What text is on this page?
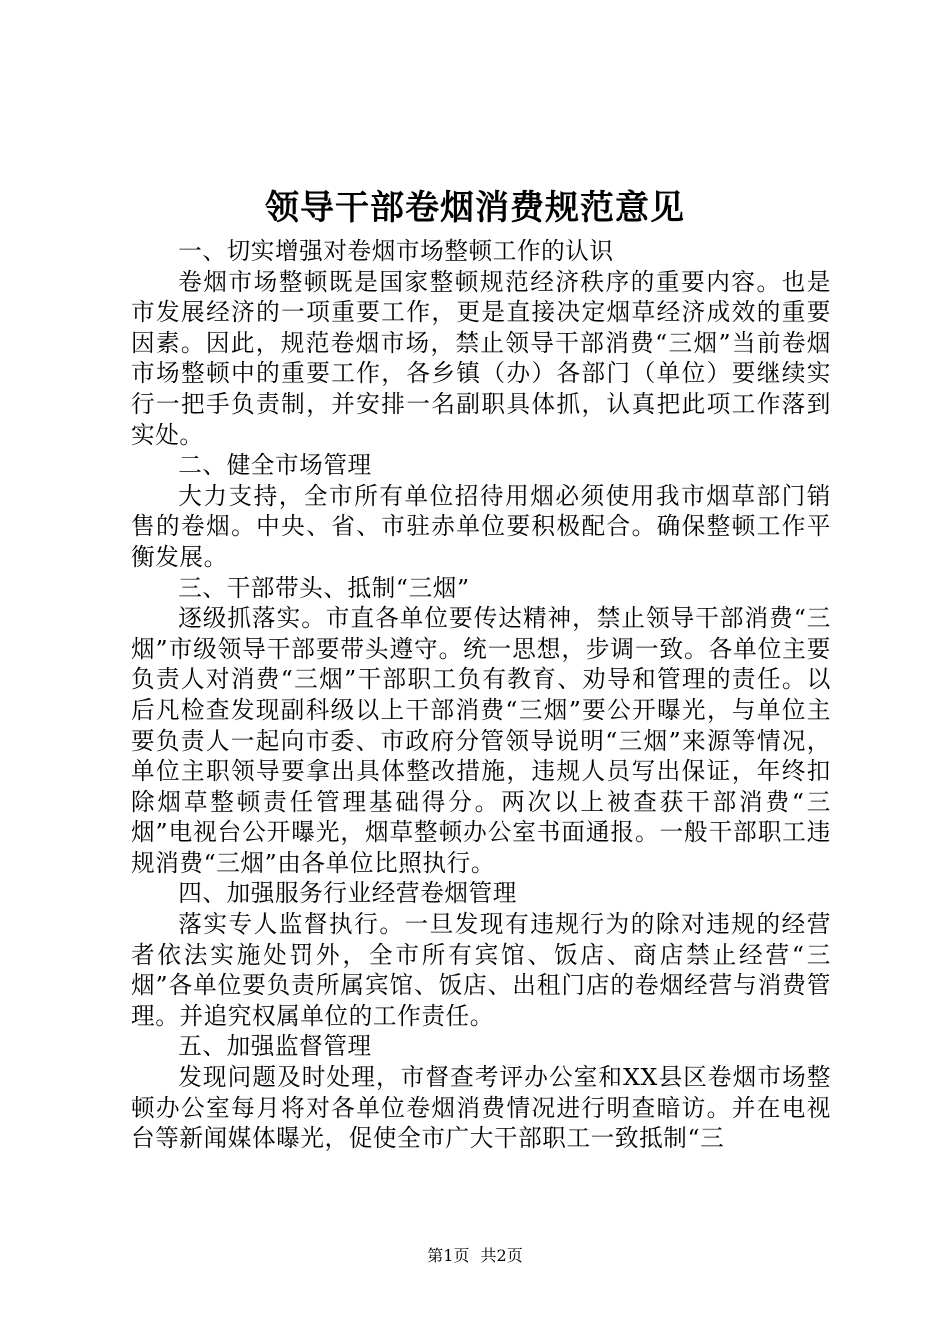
领导干部卷烟消费规范意见

一、切实增强对卷烟市场整顿工作的认识

卷烟市场整顿既是国家整顿规范经济秩序的重要内容。也是市发展经济的一项重要工作，更是直接决定烟草经济成效的重要因素。因此，规范卷烟市场，禁止领导干部消费“三烟”当前卷烟市场整顿中的重要工作，各乡镇（办）各部门（单位）要继续实行一把手负责制，并安排一名副职具体抓，认真把此项工作落到实处。

二、健全市场管理

大力支持，全市所有单位招待用烟必须使用我市烟草部门销售的卷烟。中央、省、市驻赤单位要积极配合。确保整顿工作平衡发展。

三、干部带头、抵制“三烟”

逐级抓落实。市直各单位要传达精神，禁止领导干部消费“三烟”市级领导干部要带头遵守。统一思想，步调一致。各单位主要负责人对消费“三烟”干部职工负有教育、劝导和管理的责任。以后凡检查发现副科级以上干部消费“三烟”要公开曝光，与单位主要负责人一起向市委、市政府分管领导说明“三烟”来源等情况，单位主职领导要拿出具体整改措施，违规人员写出保证，年终扣除烟草整顿责任管理基础得分。两次以上被查获干部消费“三烟”电视台公开曝光，烟草整顿办公室书面通报。一般干部职工违规消费“三烟”由各单位比照执行。

四、加强服务行业经营卷烟管理

落实专人监督执行。一旦发现有违规行为的除对违规的经营者依法实施处罚外，全市所有宾馆、饭店、商店禁止经营“三烟”各单位要负责所属宾馆、饭店、出租门店的卷烟经营与消费管理。并追究权属单位的工作责任。

五、加强监督管理

发现问题及时处理，市督查考评办公室和XX县区卷烟市场整顿办公室每月将对各单位卷烟消费情况进行明查暗访。并在电视台等新闻媒体曝光，促使全市广大干部职工一致抵制“三

第1页 共2页
